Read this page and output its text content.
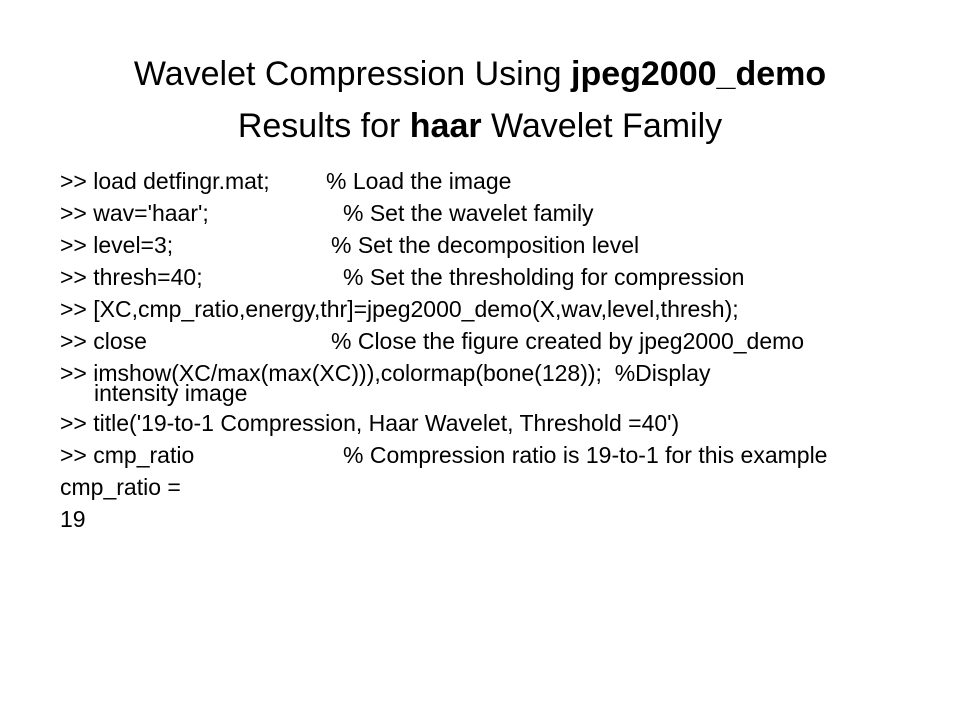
Wavelet Compression Using jpeg2000_demo
Results for haar Wavelet Family
>> load detfingr.mat; % Load the image
>> wav='haar';	% Set the wavelet family
>> level=3;	% Set the decomposition level
>> thresh=40;	% Set the thresholding for compression
>> [XC,cmp_ratio,energy,thr]=jpeg2000_demo(X,wav,level,thresh);
>> close	% Close the figure created by jpeg2000_demo
>> imshow(XC/max(max(XC))),colormap(bone(128));  %Display
intensity image
>> title('19-to-1 Compression, Haar Wavelet, Threshold =40')
>> cmp_ratio	% Compression ratio is 19-to-1 for this example
cmp_ratio =
19
